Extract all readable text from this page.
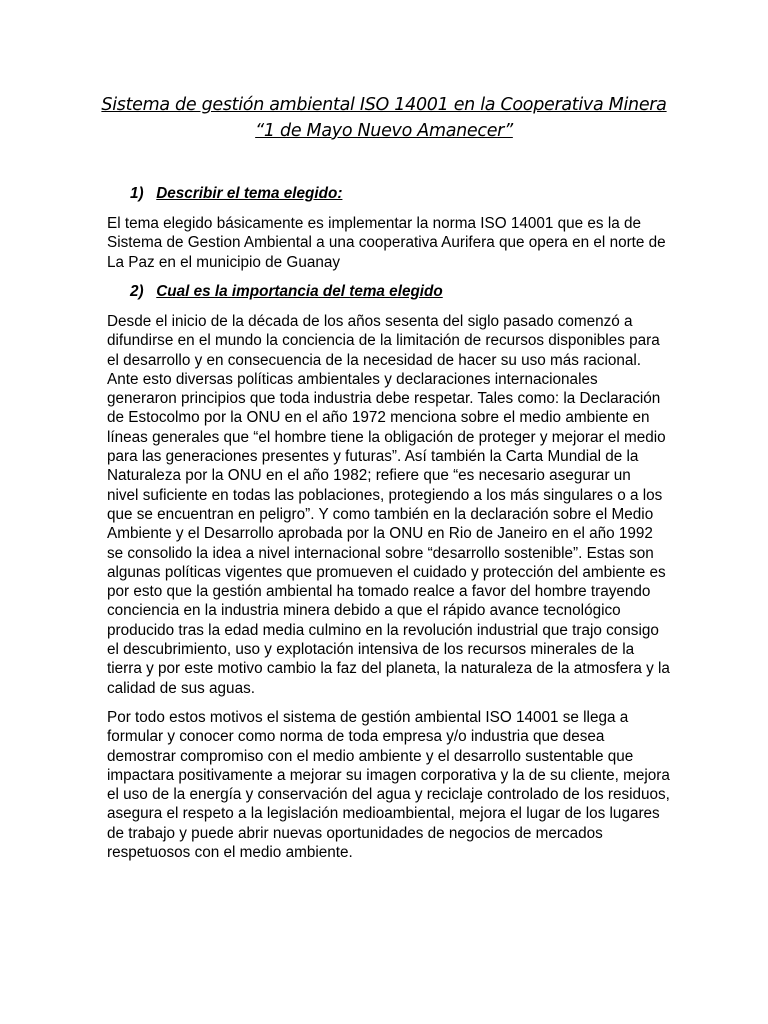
Sistema de gestión ambiental ISO 14001 en la Cooperativa Minera
“1 de Mayo Nuevo Amanecer”
1) Describir el tema elegido:
El tema elegido básicamente es implementar la norma ISO 14001 que es la de
Sistema de Gestion Ambiental a una cooperativa Aurifera que opera en el norte de
La Paz en el municipio de Guanay
2) Cual es la importancia del tema elegido
Desde el inicio de la década de los años sesenta del siglo pasado comenzó a
difundirse en el mundo la conciencia de la limitación de recursos disponibles para
el desarrollo y en consecuencia de la necesidad de hacer su uso más racional.
Ante esto diversas políticas ambientales y declaraciones internacionales
generaron principios que toda industria debe respetar. Tales como: la Declaración
de Estocolmo por la ONU en el año 1972 menciona sobre el medio ambiente en
líneas generales que “el hombre tiene la obligación de proteger y mejorar el medio
para las generaciones presentes y futuras”. Así también la Carta Mundial de la
Naturaleza por la ONU en el año 1982; refiere que “es necesario asegurar un
nivel suficiente en todas las poblaciones, protegiendo a los más singulares o a los
que se encuentran en peligro”. Y como también en la declaración sobre el Medio
Ambiente y el Desarrollo aprobada por la ONU en Rio de Janeiro en el año 1992
se consolido la idea a nivel internacional sobre “desarrollo sostenible”. Estas son
algunas políticas vigentes que promueven el cuidado y protección del ambiente es
por esto que la gestión ambiental ha tomado realce a favor del hombre trayendo
conciencia en la industria minera debido a que el rápido avance tecnológico
producido tras la edad media culmino en la revolución industrial que trajo consigo
el descubrimiento, uso y explotación intensiva de los recursos minerales de la
tierra y por este motivo cambio la faz del planeta, la naturaleza de la atmosfera y la
calidad de sus aguas.
Por todo estos motivos el sistema de gestión ambiental ISO 14001 se llega a
formular y conocer como norma de toda empresa y/o industria que desea
demostrar compromiso con el medio ambiente y el desarrollo sustentable que
impactara positivamente a mejorar su imagen corporativa y la de su cliente, mejora
el uso de la energía y conservación del agua y reciclaje controlado de los residuos,
asegura el respeto a la legislación medioambiental, mejora el lugar de los lugares
de trabajo y puede abrir nuevas oportunidades de negocios de mercados
respetuosos con el medio ambiente.
